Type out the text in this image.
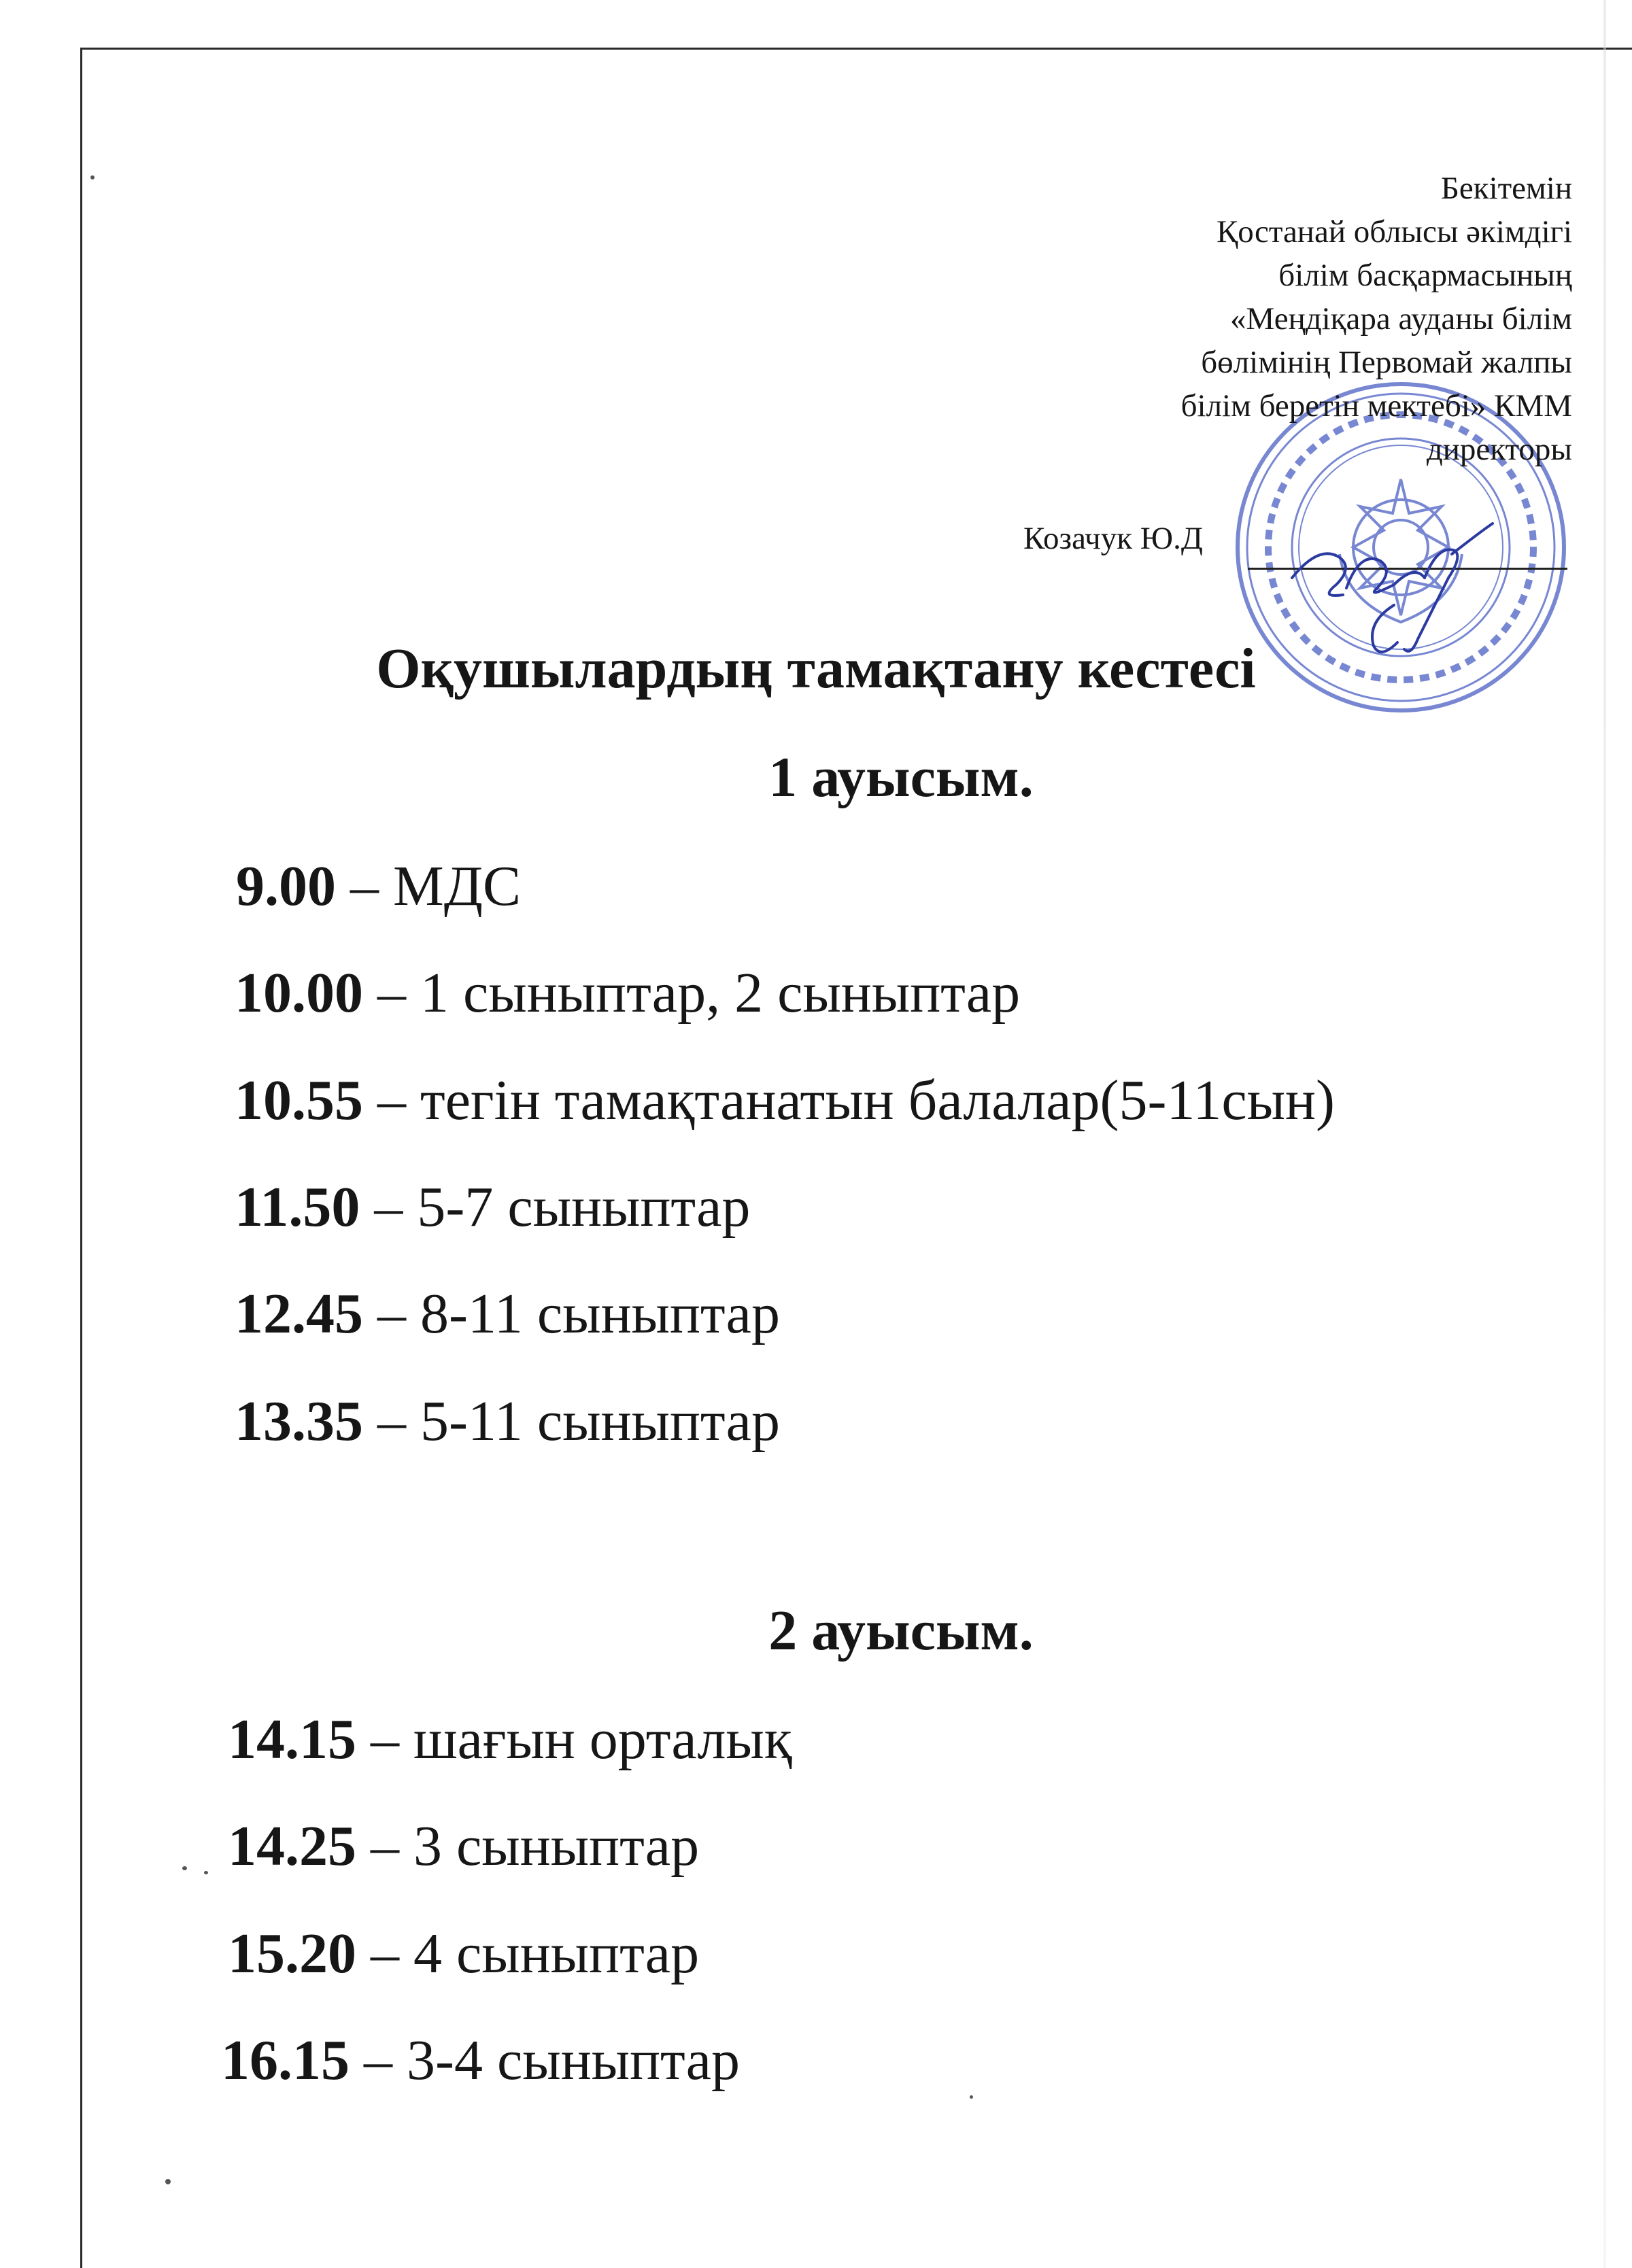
Бекітемін
Қостанай облысы әкімдігі
білім басқармасының
«Меңдіқара ауданы білім
бөлімінің Первомай жалпы
білім беретін мектебі» КММ
директоры
Козачук Ю.Д
Оқушылардың тамақтану кестесі
1 ауысым.
9.00 – МДС
10.00 – 1 сыныптар, 2 сыныптар
10.55 – тегін тамақтанатын балалар(5-11сын)
11.50 – 5-7 сыныптар
12.45 – 8-11 сыныптар
13.35 – 5-11 сыныптар
2 ауысым.
14.15 – шағын орталық
14.25 – 3 сыныптар
15.20 – 4 сыныптар
16.15 – 3-4 сыныптар
